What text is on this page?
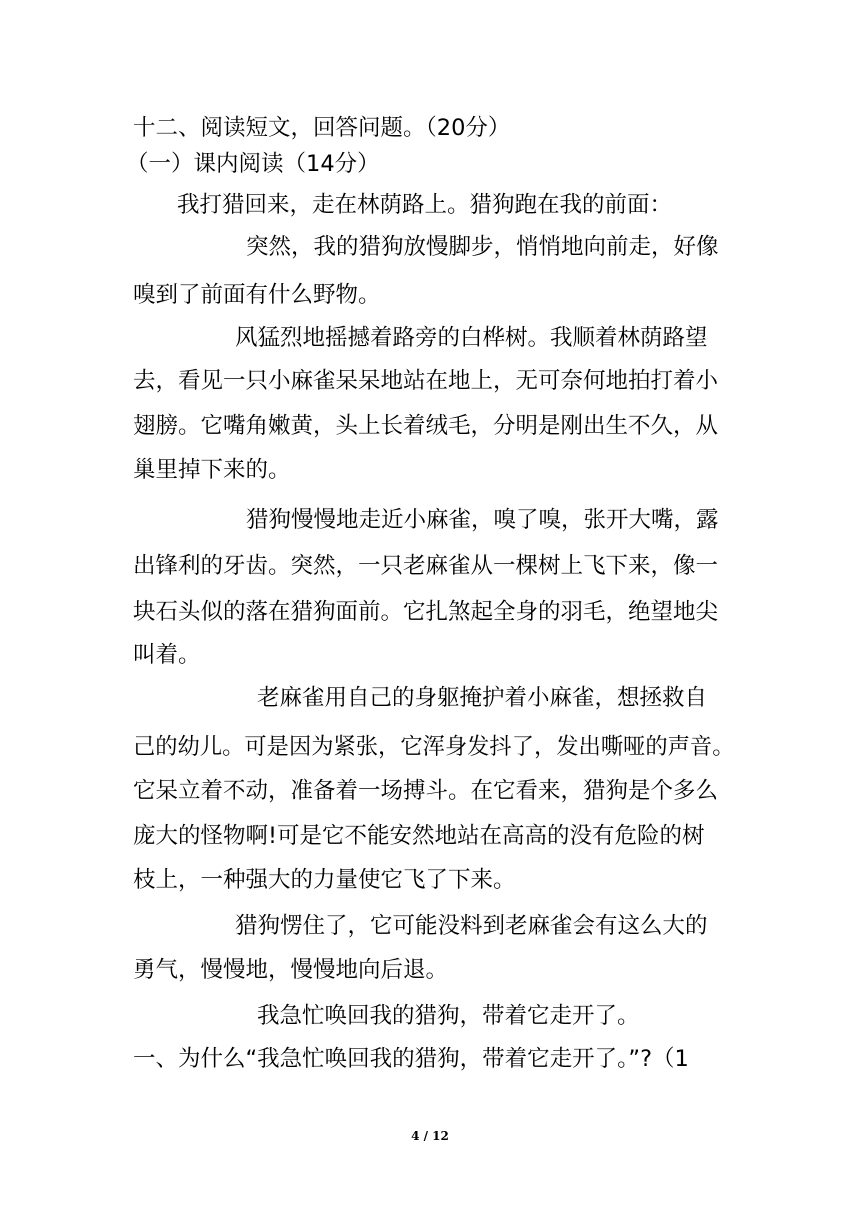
十二、阅读短文，回答问题。（20分）
（一）课内阅读（14分）
我打猎回来，走在林荫路上。猎狗跑在我的前面：
突然，我的猎狗放慢脚步，悄悄地向前走，好像
嗅到了前面有什么野物。
风猛烈地摇撼着路旁的白桦树。我顺着林荫路望
去，看见一只小麻雀呆呆地站在地上，无可奈何地拍打着小
翅膀。它嘴角嫩黄，头上长着绒毛，分明是刚出生不久，从
巢里掉下来的。
猎狗慢慢地走近小麻雀，嗅了嗅，张开大嘴，露
出锋利的牙齿。突然，一只老麻雀从一棵树上飞下来，像一
块石头似的落在猎狗面前。它扎煞起全身的羽毛，绝望地尖
叫着。
老麻雀用自己的身躯掩护着小麻雀，想拯救自
己的幼儿。可是因为紧张，它浑身发抖了，发出嘶哑的声音。
它呆立着不动，准备着一场搏斗。在它看来，猎狗是个多么
庞大的怪物啊!可是它不能安然地站在高高的没有危险的树
枝上，一种强大的力量使它飞了下来。
猎狗愣住了，它可能没料到老麻雀会有这么大的
勇气，慢慢地，慢慢地向后退。
我急忙唤回我的猎狗，带着它走开了。
一、为什么“我急忙唤回我的猎狗，带着它走开了。”?（1
4 / 12
